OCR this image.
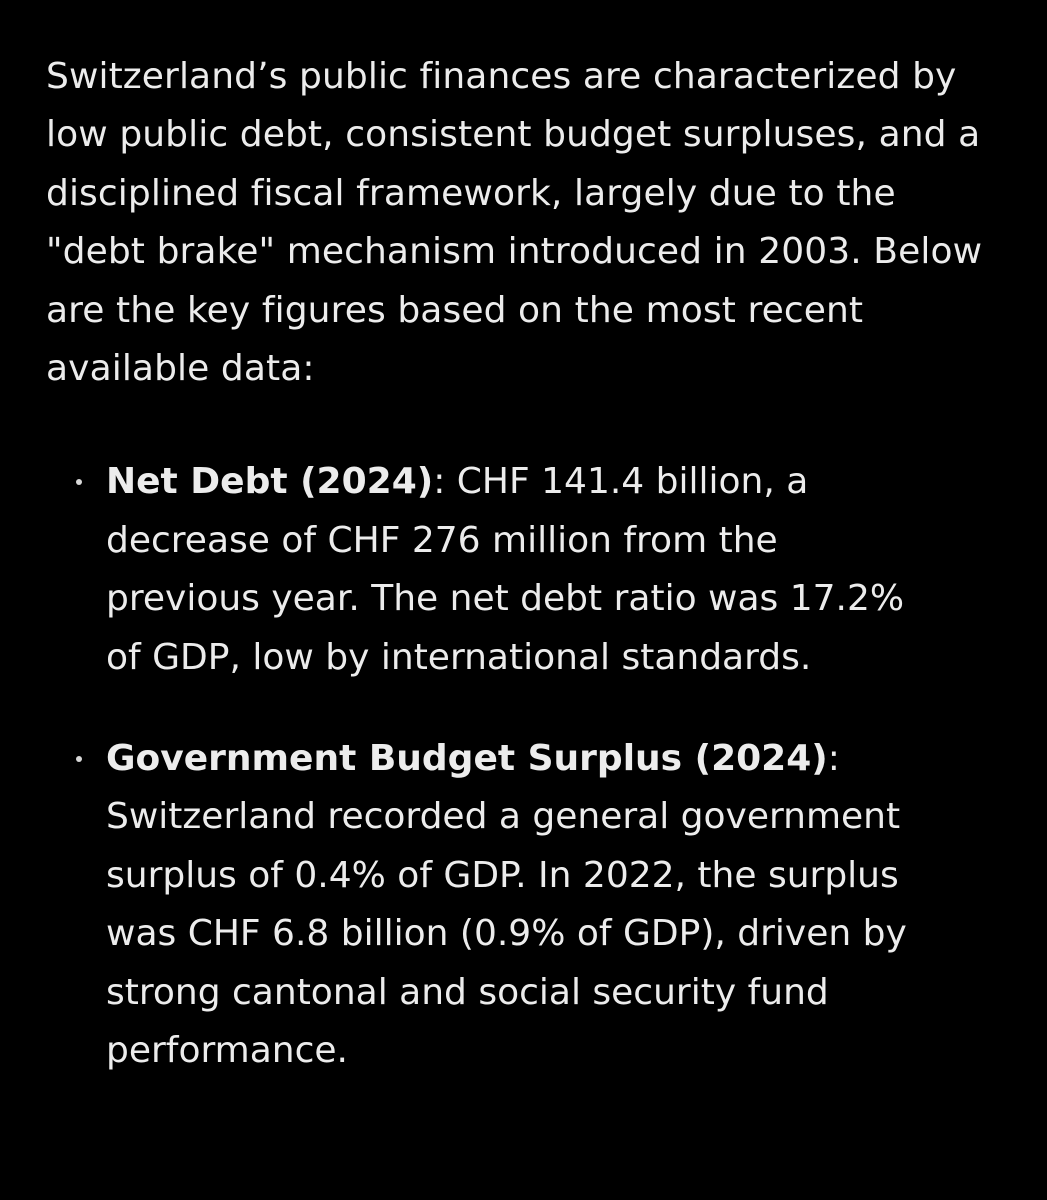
Switzerland’s public finances are characterized by low public debt, consistent budget surpluses, and a disciplined fiscal framework, largely due to the "debt brake" mechanism introduced in 2003. Below are the key figures based on the most recent available data:

Net Debt (2024): CHF 141.4 billion, a decrease of CHF 276 million from the previous year. The net debt ratio was 17.2% of GDP, low by international standards.
Government Budget Surplus (2024): Switzerland recorded a general government surplus of 0.4% of GDP. In 2022, the surplus was CHF 6.8 billion (0.9% of GDP), driven by strong cantonal and social security fund performance.
